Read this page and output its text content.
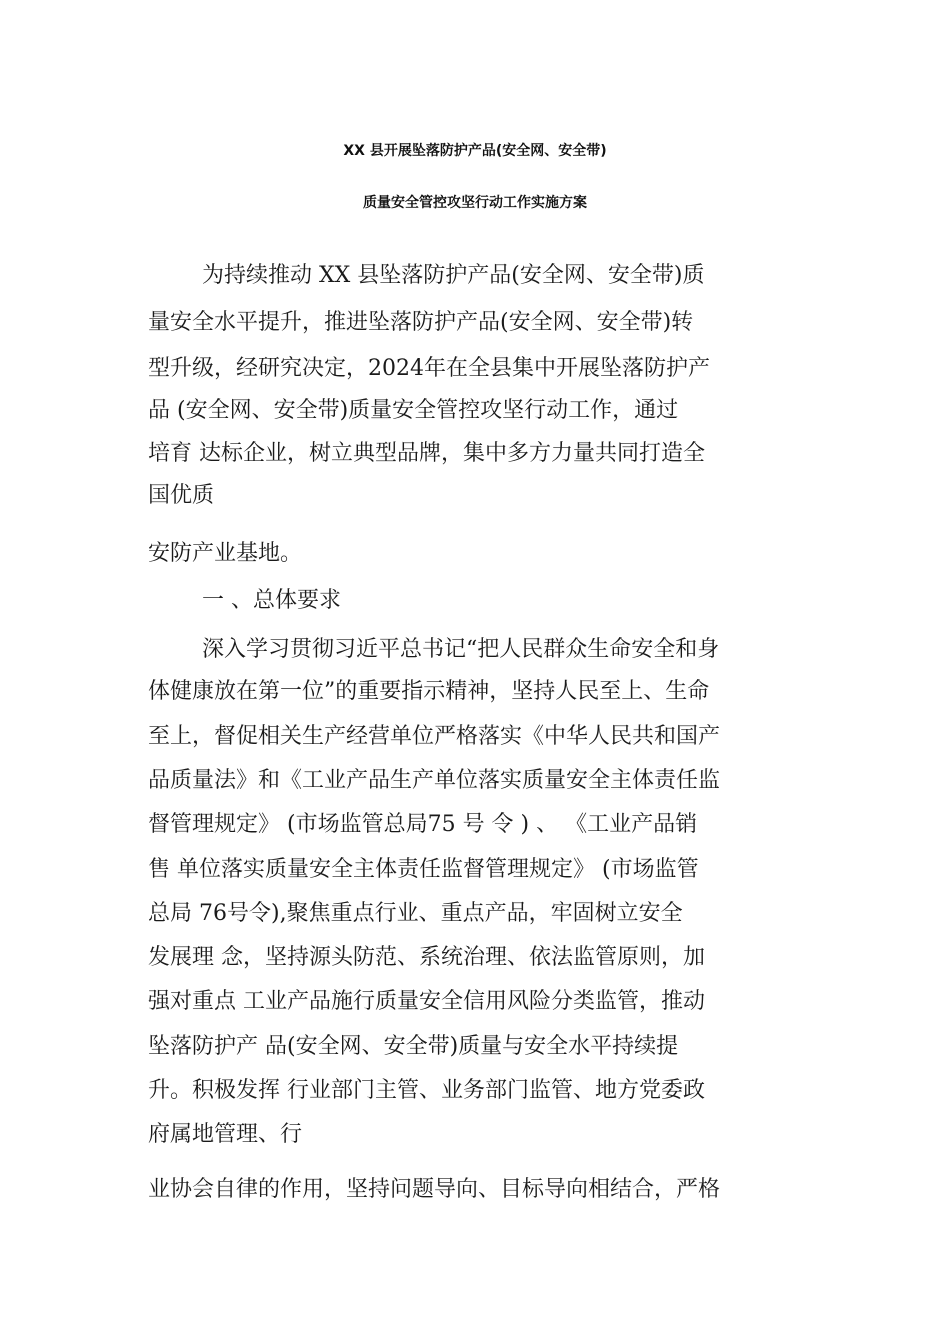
XX 县开展坠落防护产品(安全网、安全带)
质量安全管控攻坚行动工作实施方案
为持续推动 XX 县坠落防护产品(安全网、安全带)质
量安全水平提升，推进坠落防护产品(安全网、安全带)转
型升级，经研究决定，2024年在全县集中开展坠落防护产
品 (安全网、安全带)质量安全管控攻坚行动工作，通过
培育 达标企业，树立典型品牌，集中多方力量共同打造全
国优质
安防产业基地。
一 、总体要求
深入学习贯彻习近平总书记“把人民群众生命安全和身
体健康放在第一位”的重要指示精神，坚持人民至上、生命
至上，督促相关生产经营单位严格落实《中华人民共和国产
品质量法》和《工业产品生产单位落实质量安全主体责任监
督管理规定》 (市场监管总局75 号 令 ) 、 《工业产品销
售 单位落实质量安全主体责任监督管理规定》 (市场监管
总局 76号令),聚焦重点行业、重点产品，牢固树立安全
发展理 念，坚持源头防范、系统治理、依法监管原则，加
强对重点 工业产品施行质量安全信用风险分类监管，推动
坠落防护产 品(安全网、安全带)质量与安全水平持续提
升。积极发挥 行业部门主管、业务部门监管、地方党委政
府属地管理、行
业协会自律的作用，坚持问题导向、目标导向相结合，严格
